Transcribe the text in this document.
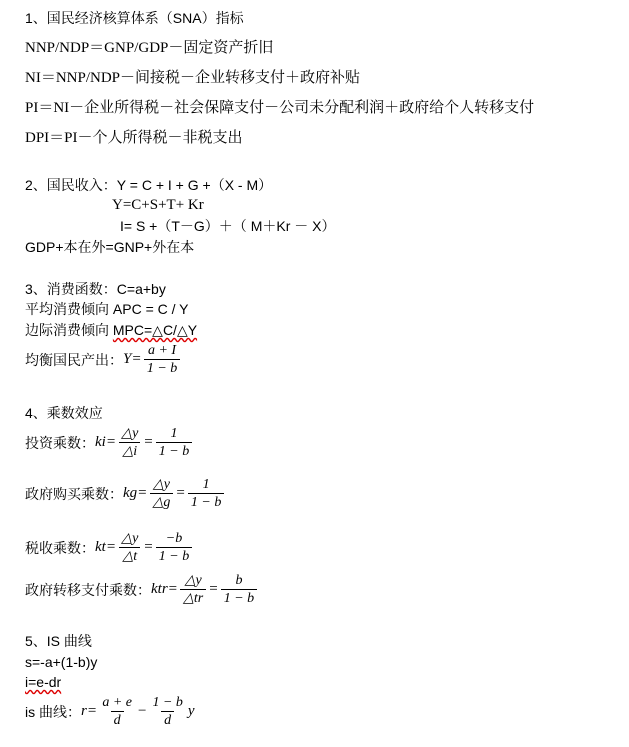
1、国民经济核算体系（SNA）指标
NNP/NDP＝GNP/GDP－固定资产折旧
NI＝NNP/NDP－间接税－企业转移支付＋政府补贴
PI＝NI－企业所得税－社会保障支付－公司未分配利润＋政府给个人转移支付
DPI＝PI－个人所得税－非税支出
2、国民收入：Y = C + I + G +（X - M）
Y=C+S+T+ Kr
I= S +（T－G）＋（ M＋Kr － X）
GDP+本在外=GNP+外在本
3、消费函数：C=a+by
平均消费倾向 APC = C / Y
边际消费倾向 MPC=△C/△Y
均衡国民产出： $Y = \frac{a + I}{1 - b}$
4、乘数效应
投资乘数： ki = $\frac{\triangle y}{\triangle i} = \frac{1}{1 - b}$
政府购买乘数： kg = $\frac{\triangle y}{\triangle g} = \frac{1}{1 - b}$
税收乘数： kt = $\frac{\triangle y}{\triangle t} = \frac{-b}{1 - b}$
政府转移支付乘数： ktr = $\frac{\triangle y}{\triangle tr} = \frac{b}{1 - b}$
5、IS 曲线
s=-a+(1-b)y
i=e-dr
is 曲线： $r = \frac{a + e}{d} - \frac{1 - b}{d}$ y
